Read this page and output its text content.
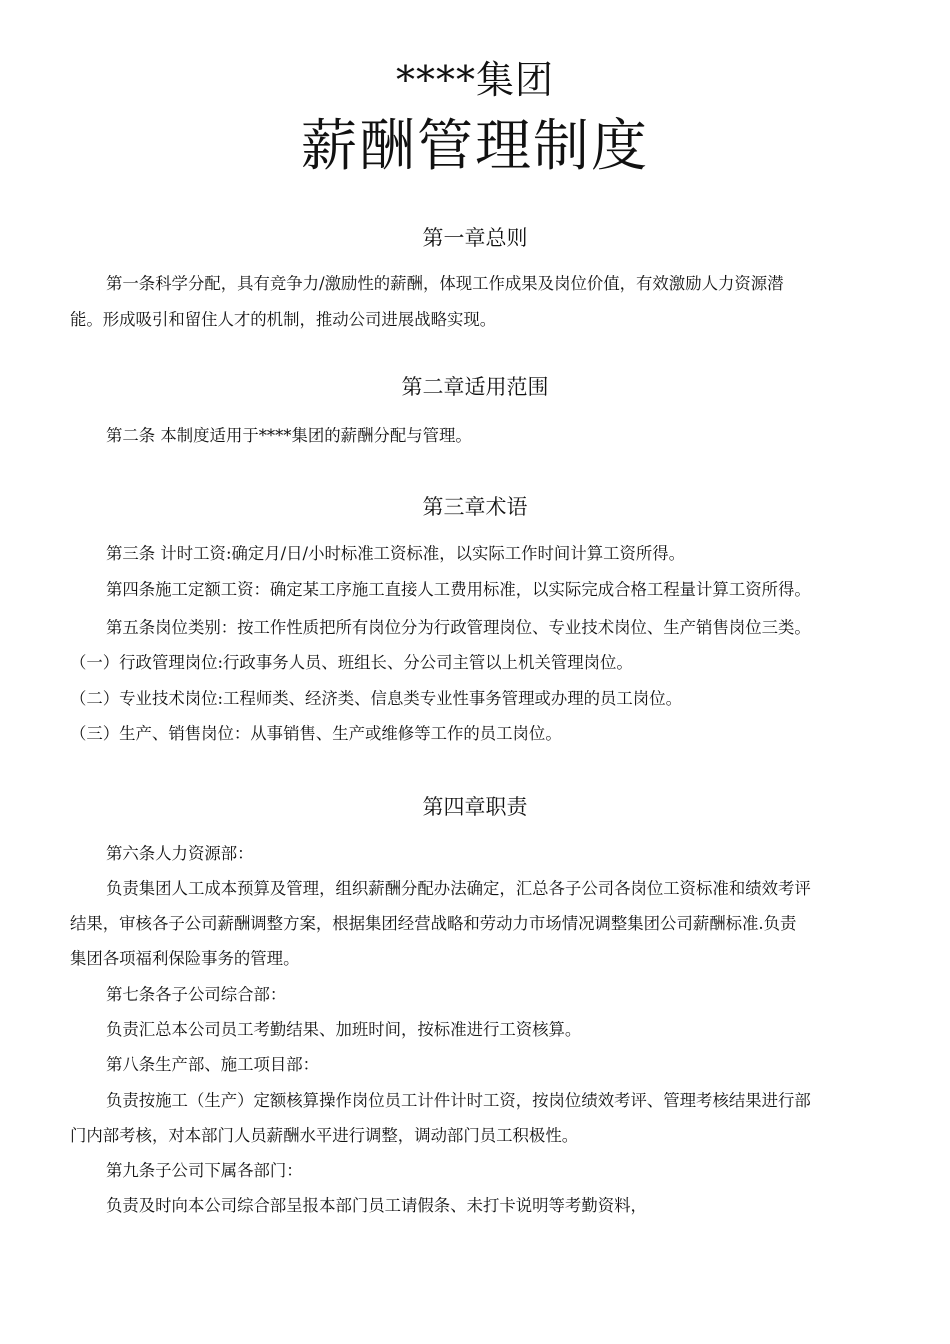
****集团
薪酬管理制度
第一章总则
第一条科学分配，具有竞争力/激励性的薪酬，体现工作成果及岗位价值，有效激励人力资源潜
能。形成吸引和留住人才的机制，推动公司进展战略实现。
第二章适用范围
第二条 本制度适用于****集团的薪酬分配与管理。
第三章术语
第三条 计时工资:确定月/日/小时标准工资标准，以实际工作时间计算工资所得。
第四条施工定额工资：确定某工序施工直接人工费用标准，以实际完成合格工程量计算工资所得。
第五条岗位类别：按工作性质把所有岗位分为行政管理岗位、专业技术岗位、生产销售岗位三类。
（一）行政管理岗位:行政事务人员、班组长、分公司主管以上机关管理岗位。
（二）专业技术岗位:工程师类、经济类、信息类专业性事务管理或办理的员工岗位。
（三）生产、销售岗位：从事销售、生产或维修等工作的员工岗位。
第四章职责
第六条人力资源部：
负责集团人工成本预算及管理，组织薪酬分配办法确定，汇总各子公司各岗位工资标准和绩效考评
结果，审核各子公司薪酬调整方案，根据集团经营战略和劳动力市场情况调整集团公司薪酬标准.负责
集团各项福利保险事务的管理。
第七条各子公司综合部：
负责汇总本公司员工考勤结果、加班时间，按标准进行工资核算。
第八条生产部、施工项目部：
负责按施工（生产）定额核算操作岗位员工计件计时工资，按岗位绩效考评、管理考核结果进行部
门内部考核，对本部门人员薪酬水平进行调整，调动部门员工积极性。
第九条子公司下属各部门：
负责及时向本公司综合部呈报本部门员工请假条、未打卡说明等考勤资料，
